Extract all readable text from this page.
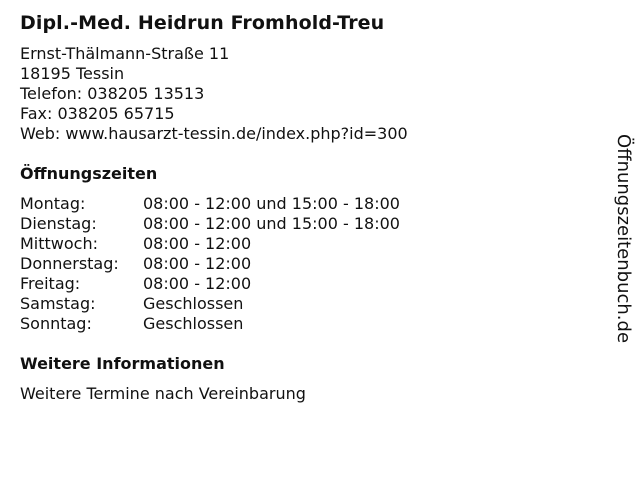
Dipl.-Med. Heidrun Fromhold-Treu
Ernst-Thälmann-Straße 11
18195 Tessin
Telefon: 038205 13513
Fax: 038205 65715
Web: www.hausarzt-tessin.de/index.php?id=300
Öffnungszeiten
Montag:	08:00 - 12:00 und 15:00 - 18:00
Dienstag:	08:00 - 12:00 und 15:00 - 18:00
Mittwoch:	08:00 - 12:00
Donnerstag:	08:00 - 12:00
Freitag:	08:00 - 12:00
Samstag:	Geschlossen
Sonntag:	Geschlossen
Weitere Informationen
Weitere Termine nach Vereinbarung
Öffnungszeitenbuch.de
